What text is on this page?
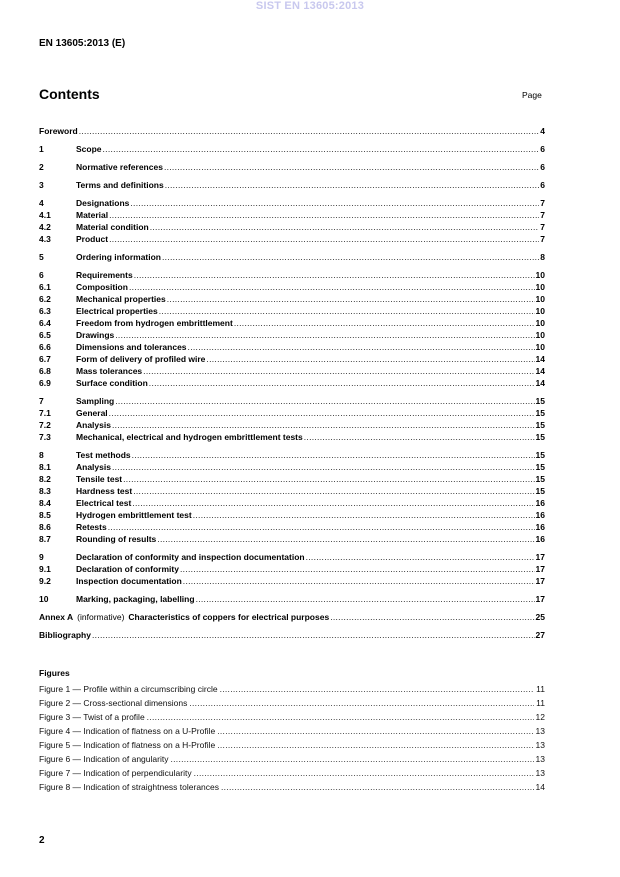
SIST EN 13605:2013
EN 13605:2013 (E)
Contents	Page
Foreword .....	4
1	Scope .....	6
2	Normative references .....	6
3	Terms and definitions .....	6
4	Designations .....	7
4.1	Material .....	7
4.2	Material condition .....	7
4.3	Product .....	7
5	Ordering information .....	8
6	Requirements .....	10
6.1	Composition .....	10
6.2	Mechanical properties .....	10
6.3	Electrical properties .....	10
6.4	Freedom from hydrogen embrittlement .....	10
6.5	Drawings .....	10
6.6	Dimensions and tolerances .....	10
6.7	Form of delivery of profiled wire .....	14
6.8	Mass tolerances .....	14
6.9	Surface condition .....	14
7	Sampling .....	15
7.1	General .....	15
7.2	Analysis .....	15
7.3	Mechanical, electrical and hydrogen embrittlement tests .....	15
8	Test methods .....	15
8.1	Analysis .....	15
8.2	Tensile test .....	15
8.3	Hardness test .....	15
8.4	Electrical test .....	16
8.5	Hydrogen embrittlement test .....	16
8.6	Retests .....	16
8.7	Rounding of results .....	16
9	Declaration of conformity and inspection documentation .....	17
9.1	Declaration of conformity .....	17
9.2	Inspection documentation .....	17
10	Marking, packaging, labelling .....	17
Annex A (informative) Characteristics of coppers for electrical purposes .....	25
Bibliography .....	27
Figures
Figure 1 — Profile within a circumscribing circle .....	11
Figure 2 — Cross-sectional dimensions .....	11
Figure 3 — Twist of a profile .....	12
Figure 4 — Indication of flatness on a U-Profile .....	13
Figure 5 — Indication of flatness on a H-Profile .....	13
Figure 6 — Indication of angularity .....	13
Figure 7 — Indication of perpendicularity .....	13
Figure 8 — Indication of straightness tolerances .....	14
2
